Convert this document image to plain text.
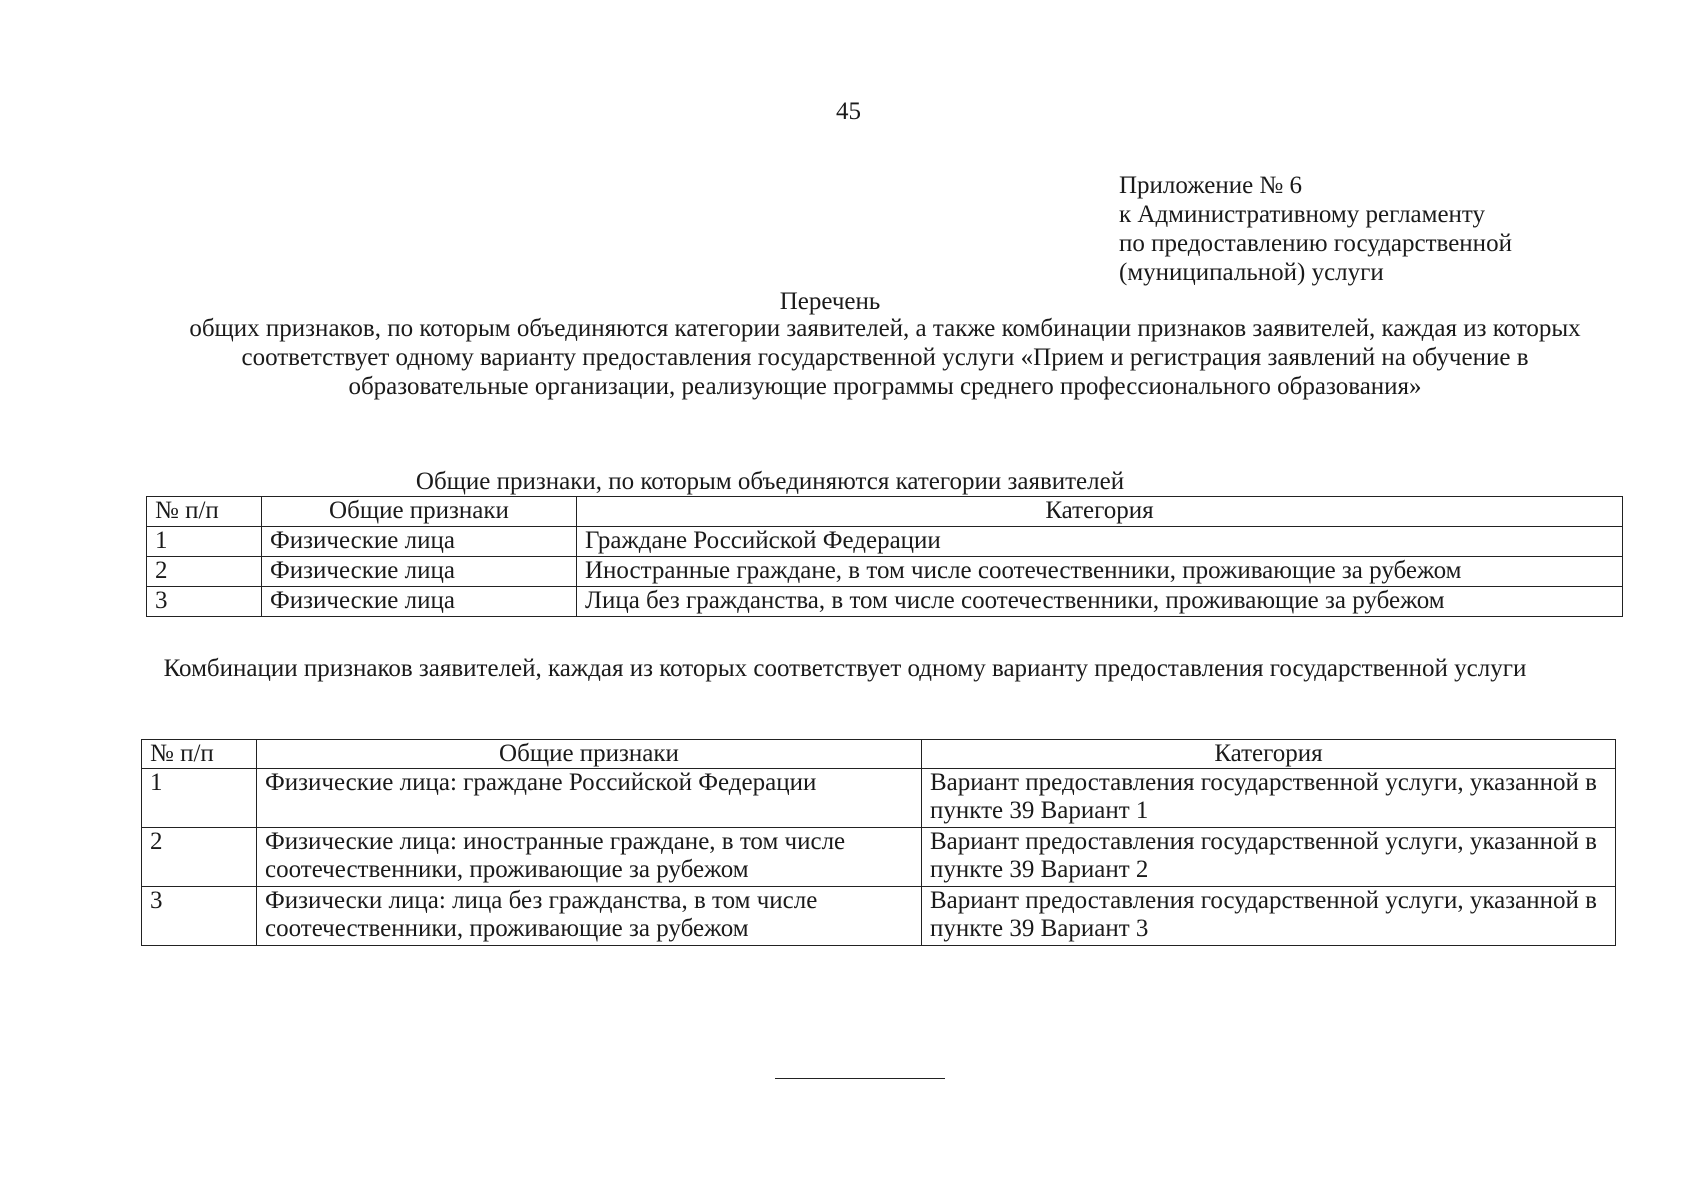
45
Приложение № 6
к Административному регламенту
по предоставлению государственной
(муниципальной) услуги
Перечень
общих признаков, по которым объединяются категории заявителей, а также комбинации признаков заявителей, каждая из которых соответствует одному варианту предоставления государственной услуги «Прием и регистрация заявлений на обучение в образовательные организации, реализующие программы среднего профессионального образования»
Общие признаки, по которым объединяются категории заявителей
№ п/п	Общие признаки	Категория
1	Физические лица	Граждане Российской Федерации
2	Физические лица	Иностранные граждане, в том числе соотечественники, проживающие за рубежом
3	Физические лица	Лица без гражданства, в том числе соотечественники, проживающие за рубежом
Комбинации признаков заявителей, каждая из которых соответствует одному варианту предоставления государственной услуги
№ п/п	Общие признаки	Категория
1	Физические лица: граждане Российской Федерации	Вариант предоставления государственной услуги, указанной в пункте 39 Вариант 1
2	Физические лица: иностранные граждане, в том числе соотечественники, проживающие за рубежом	Вариант предоставления государственной услуги, указанной в пункте 39 Вариант 2
3	Физически лица: лица без гражданства, в том числе соотечественники, проживающие за рубежом	Вариант предоставления государственной услуги, указанной в пункте 39 Вариант 3
